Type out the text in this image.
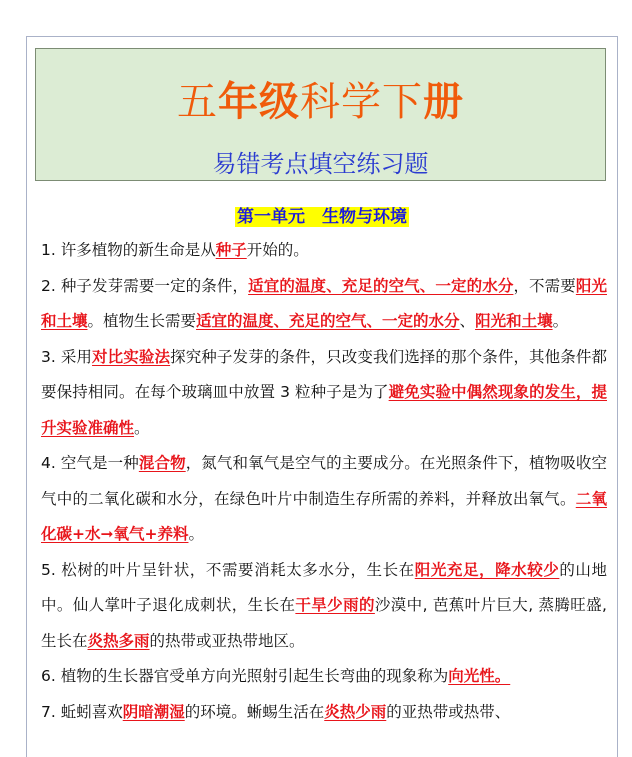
五年级科学下册
易错考点填空练习题
第一单元　生物与环境

1. 许多植物的新生命是从种子开始的。

2. 种子发芽需要一定的条件，适宜的温度、充足的空气、一定的水分，不需要阳光和土壤。植物生长需要适宜的温度、充足的空气、一定的水分、阳光和土壤。

3. 采用对比实验法探究种子发芽的条件，只改变我们选择的那个条件，其他条件都要保持相同。在每个玻璃皿中放置 3 粒种子是为了避免实验中偶然现象的发生，提升实验准确性。

4. 空气是一种混合物，氮气和氧气是空气的主要成分。在光照条件下，植物吸收空气中的二氧化碳和水分，在绿色叶片中制造生存所需的养料，并释放出氧气。二氧化碳+水➞氧气+养料。

5. 松树的叶片呈针状，不需要消耗太多水分，生长在阳光充足，降水较少的山地中。仙人掌叶子退化成刺状，生长在干旱少雨的沙漠中, 芭蕉叶片巨大, 蒸腾旺盛, 生长在炎热多雨的热带或亚热带地区。

6. 植物的生长器官受单方向光照射引起生长弯曲的现象称为向光性。

7. 蚯蚓喜欢阴暗潮湿的环境。蜥蜴生活在炎热少雨的亚热带或热带、
